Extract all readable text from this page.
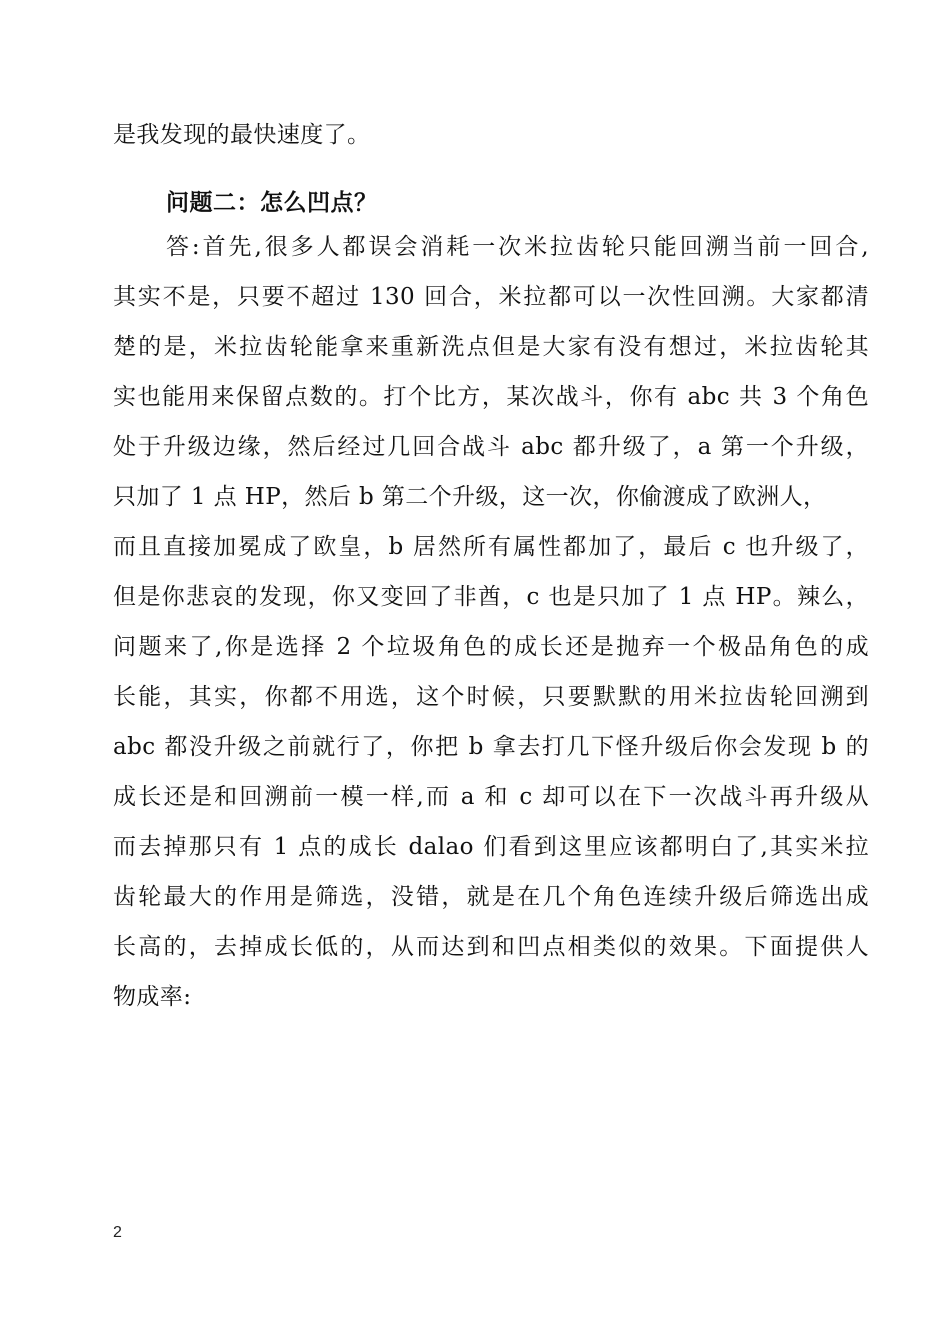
是我发现的最快速度了。
问题二：怎么凹点？
答:首先,很多人都误会消耗一次米拉齿轮只能回溯当前一回合,
其实不是，只要不超过 130 回合，米拉都可以一次性回溯。大家都清
楚的是，米拉齿轮能拿来重新洗点但是大家有没有想过，米拉齿轮其
实也能用来保留点数的。打个比方，某次战斗，你有 abc 共 3 个角色
处于升级边缘，然后经过几回合战斗 abc 都升级了，a 第一个升级，
只加了 1 点 HP，然后 b 第二个升级，这一次，你偷渡成了欧洲人，
而且直接加冕成了欧皇，b 居然所有属性都加了，最后 c 也升级了，
但是你悲哀的发现，你又变回了非酋，c 也是只加了 1 点 HP。辣么，
问题来了,你是选择 2 个垃圾角色的成长还是抛弃一个极品角色的成
长能，其实，你都不用选，这个时候，只要默默的用米拉齿轮回溯到
abc 都没升级之前就行了，你把 b 拿去打几下怪升级后你会发现 b 的
成长还是和回溯前一模一样,而 a 和 c 却可以在下一次战斗再升级从
而去掉那只有 1 点的成长 dalao 们看到这里应该都明白了,其实米拉
齿轮最大的作用是筛选，没错，就是在几个角色连续升级后筛选出成
长高的，去掉成长低的，从而达到和凹点相类似的效果。下面提供人
物成率:
2
